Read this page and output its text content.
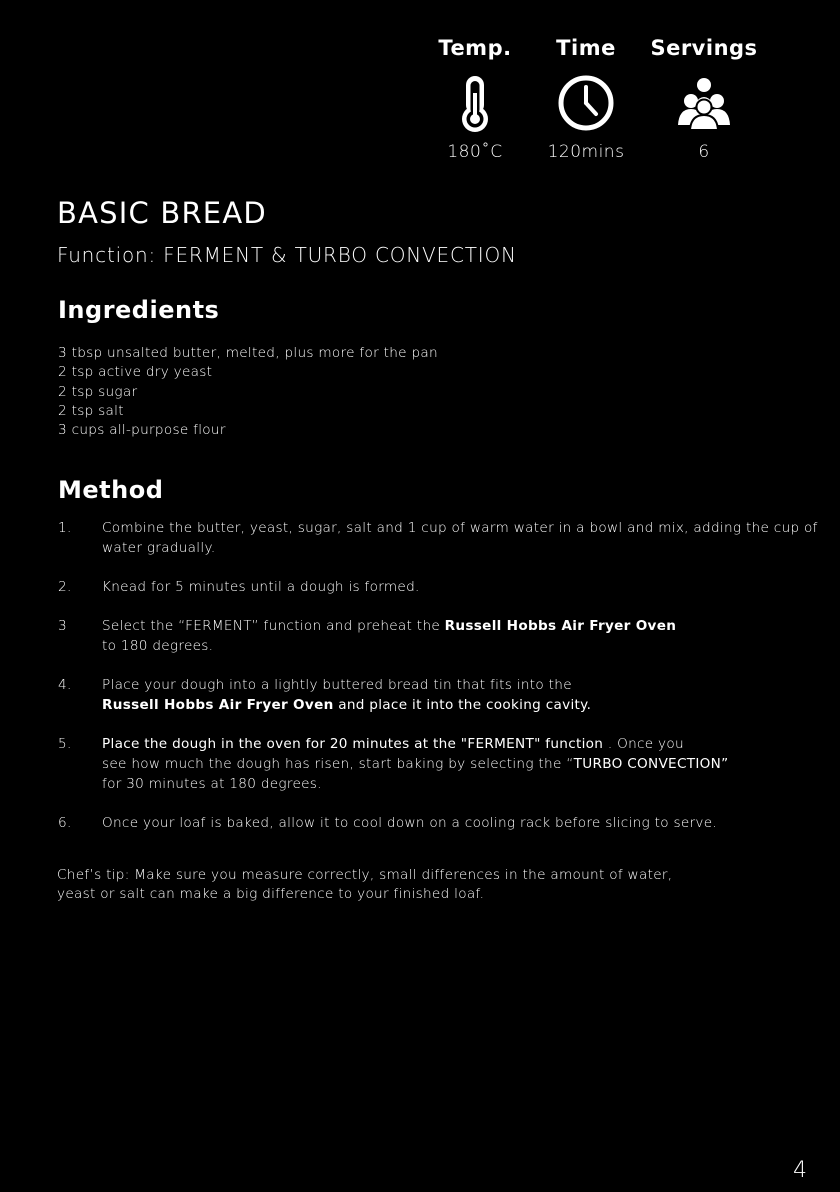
Temp.
180˚C
Time
120mins
Servings
6
BASIC BREAD
Function: FERMENT & TURBO CONVECTION
Ingredients
3 tbsp unsalted butter, melted, plus more for the pan
2 tsp active dry yeast
2 tsp sugar
2 tsp salt
3 cups all-purpose flour
Method
1. Combine the butter, yeast, sugar, salt and 1 cup of warm water in a bowl and mix, adding the cup of water gradually.
2. Knead for 5 minutes until a dough is formed.
3	Select the “FERMENT” function and preheat the Russell Hobbs Air Fryer Oven
to 180 degrees.
4. Place your dough into a lightly buttered bread tin that fits into the
Russell Hobbs Air Fryer Oven and place it into the cooking cavity.
5. Place the dough in the oven for 20 minutes at the "FERMENT" function . Once you
see how much the dough has risen, start baking by selecting the “TURBO CONVECTION”
for 30 minutes at 180 degrees.
6. Once your loaf is baked, allow it to cool down on a cooling rack before slicing to serve.
Chef’s tip: Make sure you measure correctly, small differences in the amount of water,
yeast or salt can make a big difference to your finished loaf.
4
